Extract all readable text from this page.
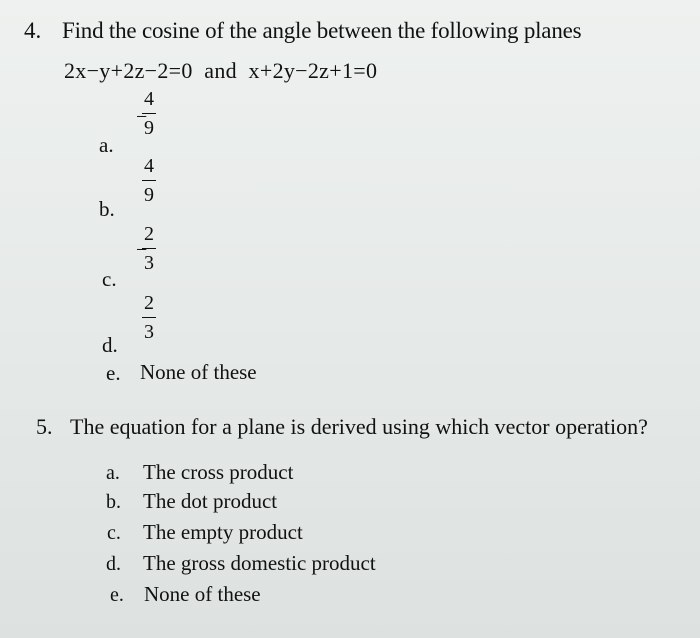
4. Find the cosine of the angle between the following planes
2x−y+2z−2=0  and  x+2y−2z+1=0
a.
−
4
9
b.
4
9
c.
−
2
3
d.
2
3
e. None of these
5. The equation for a plane is derived using which vector operation?
a. The cross product
b. The dot product
c. The empty product
d. The gross domestic product
e. None of these
